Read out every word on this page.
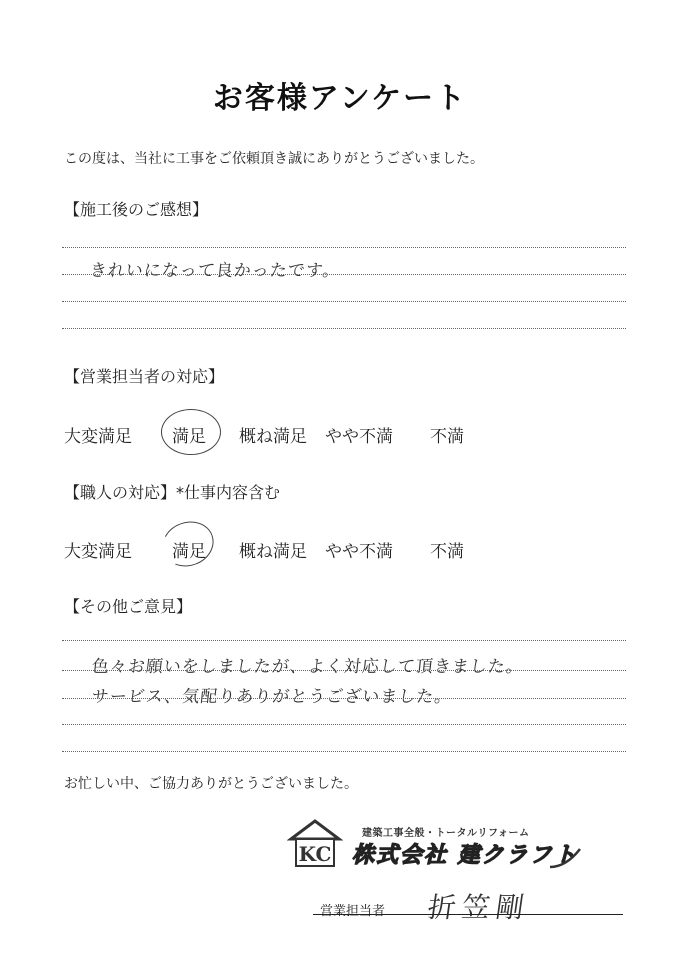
お客様アンケート
この度は、当社に工事をご依頼頂き誠にありがとうございました。
【施工後のご感想】
きれいになって良かったです。
【営業担当者の対応】
大変満足 満足 概ね満足 やや不満 不満
【職人の対応】*仕事内容含む
大変満足 満足 概ね満足 やや不満 不満
【その他ご意見】
色々お願いをしましたが、よく対応して頂きました。
サービス、気配りありがとうございました。
お忙しい中、ご協力ありがとうございました。
KC
建築工事全般・トータルリフォーム
株式会社 建クラフト
営業担当者 折笠剛
